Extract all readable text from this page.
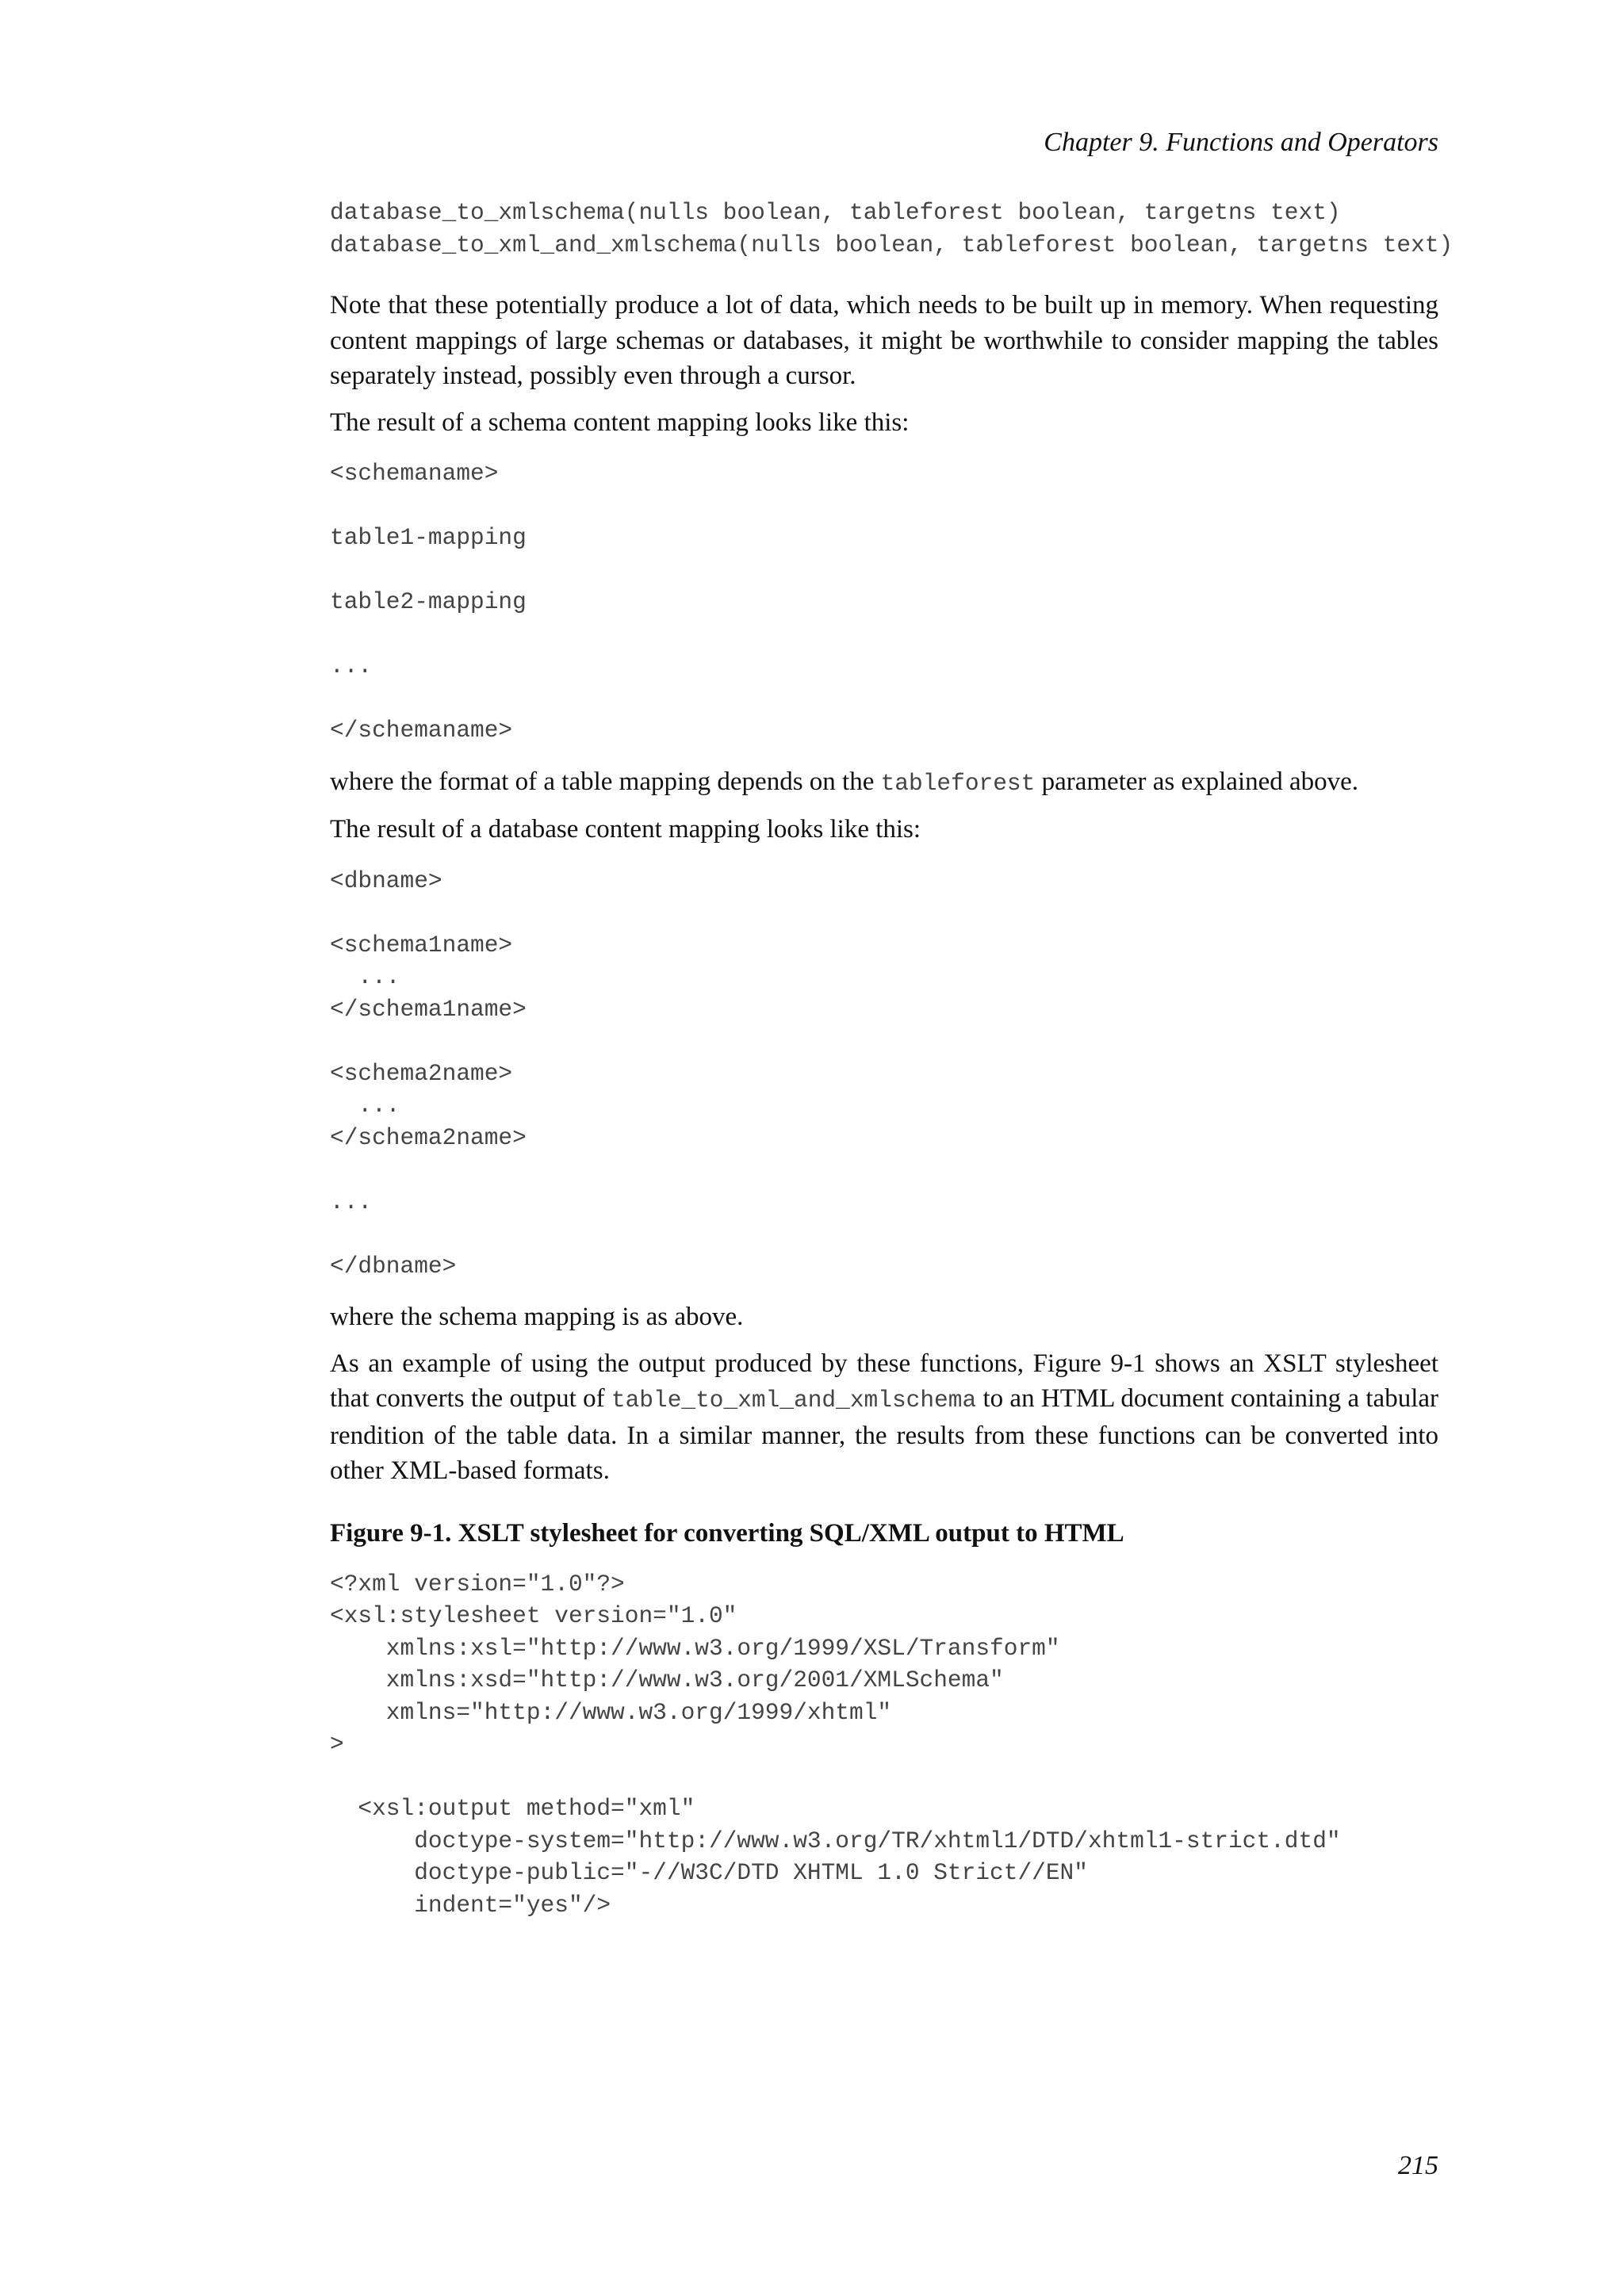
Chapter 9. Functions and Operators
database_to_xmlschema(nulls boolean, tableforest boolean, targetns text)
database_to_xml_and_xmlschema(nulls boolean, tableforest boolean, targetns text)

Note that these potentially produce a lot of data, which needs to be built up in memory. When requesting content mappings of large schemas or databases, it might be worthwhile to consider mapping the tables separately instead, possibly even through a cursor.

The result of a schema content mapping looks like this:

<schemaname>

table1-mapping

table2-mapping

...

</schemaname>

where the format of a table mapping depends on the tableforest parameter as explained above.

The result of a database content mapping looks like this:

<dbname>

<schema1name>
...
</schema1name>

<schema2name>
...
</schema2name>

...

</dbname>

where the schema mapping is as above.

As an example of using the output produced by these functions, Figure 9-1 shows an XSLT stylesheet that converts the output of table_to_xml_and_xmlschema to an HTML document containing a tabular rendition of the table data. In a similar manner, the results from these functions can be converted into other XML-based formats.

Figure 9-1. XSLT stylesheet for converting SQL/XML output to HTML

<?xml version="1.0"?>
<xsl:stylesheet version="1.0"
xmlns:xsl="http://www.w3.org/1999/XSL/Transform"
xmlns:xsd="http://www.w3.org/2001/XMLSchema"
xmlns="http://www.w3.org/1999/xhtml"
>

<xsl:output method="xml"
doctype-system="http://www.w3.org/TR/xhtml1/DTD/xhtml1-strict.dtd"
doctype-public="-//W3C/DTD XHTML 1.0 Strict//EN"
indent="yes"/>
215
